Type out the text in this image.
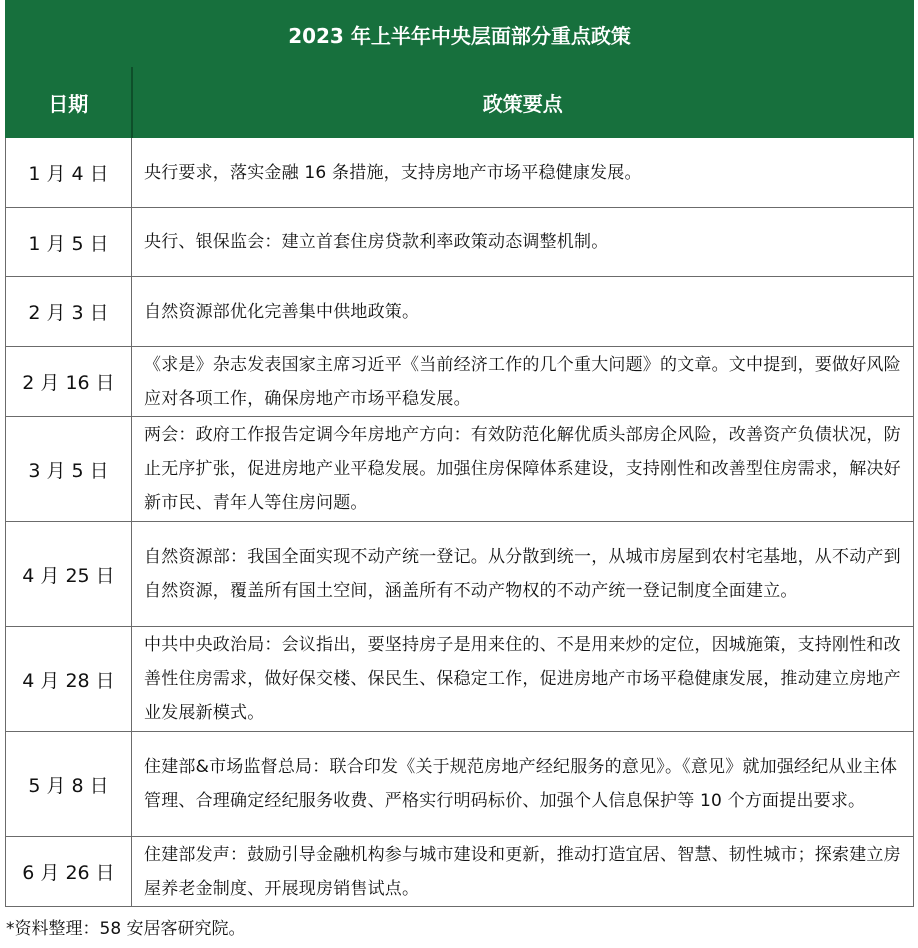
2023 年上半年中央层面部分重点政策	
日期	政策要点
1 月 4 日	央行要求，落实金融 16 条措施，支持房地产市场平稳健康发展。
1 月 5 日	央行、银保监会：建立首套住房贷款利率政策动态调整机制。
2 月 3 日	自然资源部优化完善集中供地政策。
2 月 16 日	《求是》杂志发表国家主席习近平《当前经济工作的几个重大问题》的文章。文中提到，要做好风险应对各项工作，确保房地产市场平稳发展。
3 月 5 日	两会：政府工作报告定调今年房地产方向：有效防范化解优质头部房企风险，改善资产负债状况，防止无序扩张，促进房地产业平稳发展。加强住房保障体系建设，支持刚性和改善型住房需求，解决好新市民、青年人等住房问题。
4 月 25 日	自然资源部：我国全面实现不动产统一登记。从分散到统一，从城市房屋到农村宅基地，从不动产到自然资源，覆盖所有国土空间，涵盖所有不动产物权的不动产统一登记制度全面建立。
4 月 28 日	中共中央政治局：会议指出，要坚持房子是用来住的、不是用来炒的定位，因城施策，支持刚性和改善性住房需求，做好保交楼、保民生、保稳定工作，促进房地产市场平稳健康发展，推动建立房地产业发展新模式。
5 月 8 日	住建部&市场监督总局：联合印发《关于规范房地产经纪服务的意见》。《意见》就加强经纪从业主体管理、合理确定经纪服务收费、严格实行明码标价、加强个人信息保护等 10 个方面提出要求。
6 月 26 日	住建部发声：鼓励引导金融机构参与城市建设和更新，推动打造宜居、智慧、韧性城市；探索建立房屋养老金制度、开展现房销售试点。
*资料整理：58 安居客研究院。
